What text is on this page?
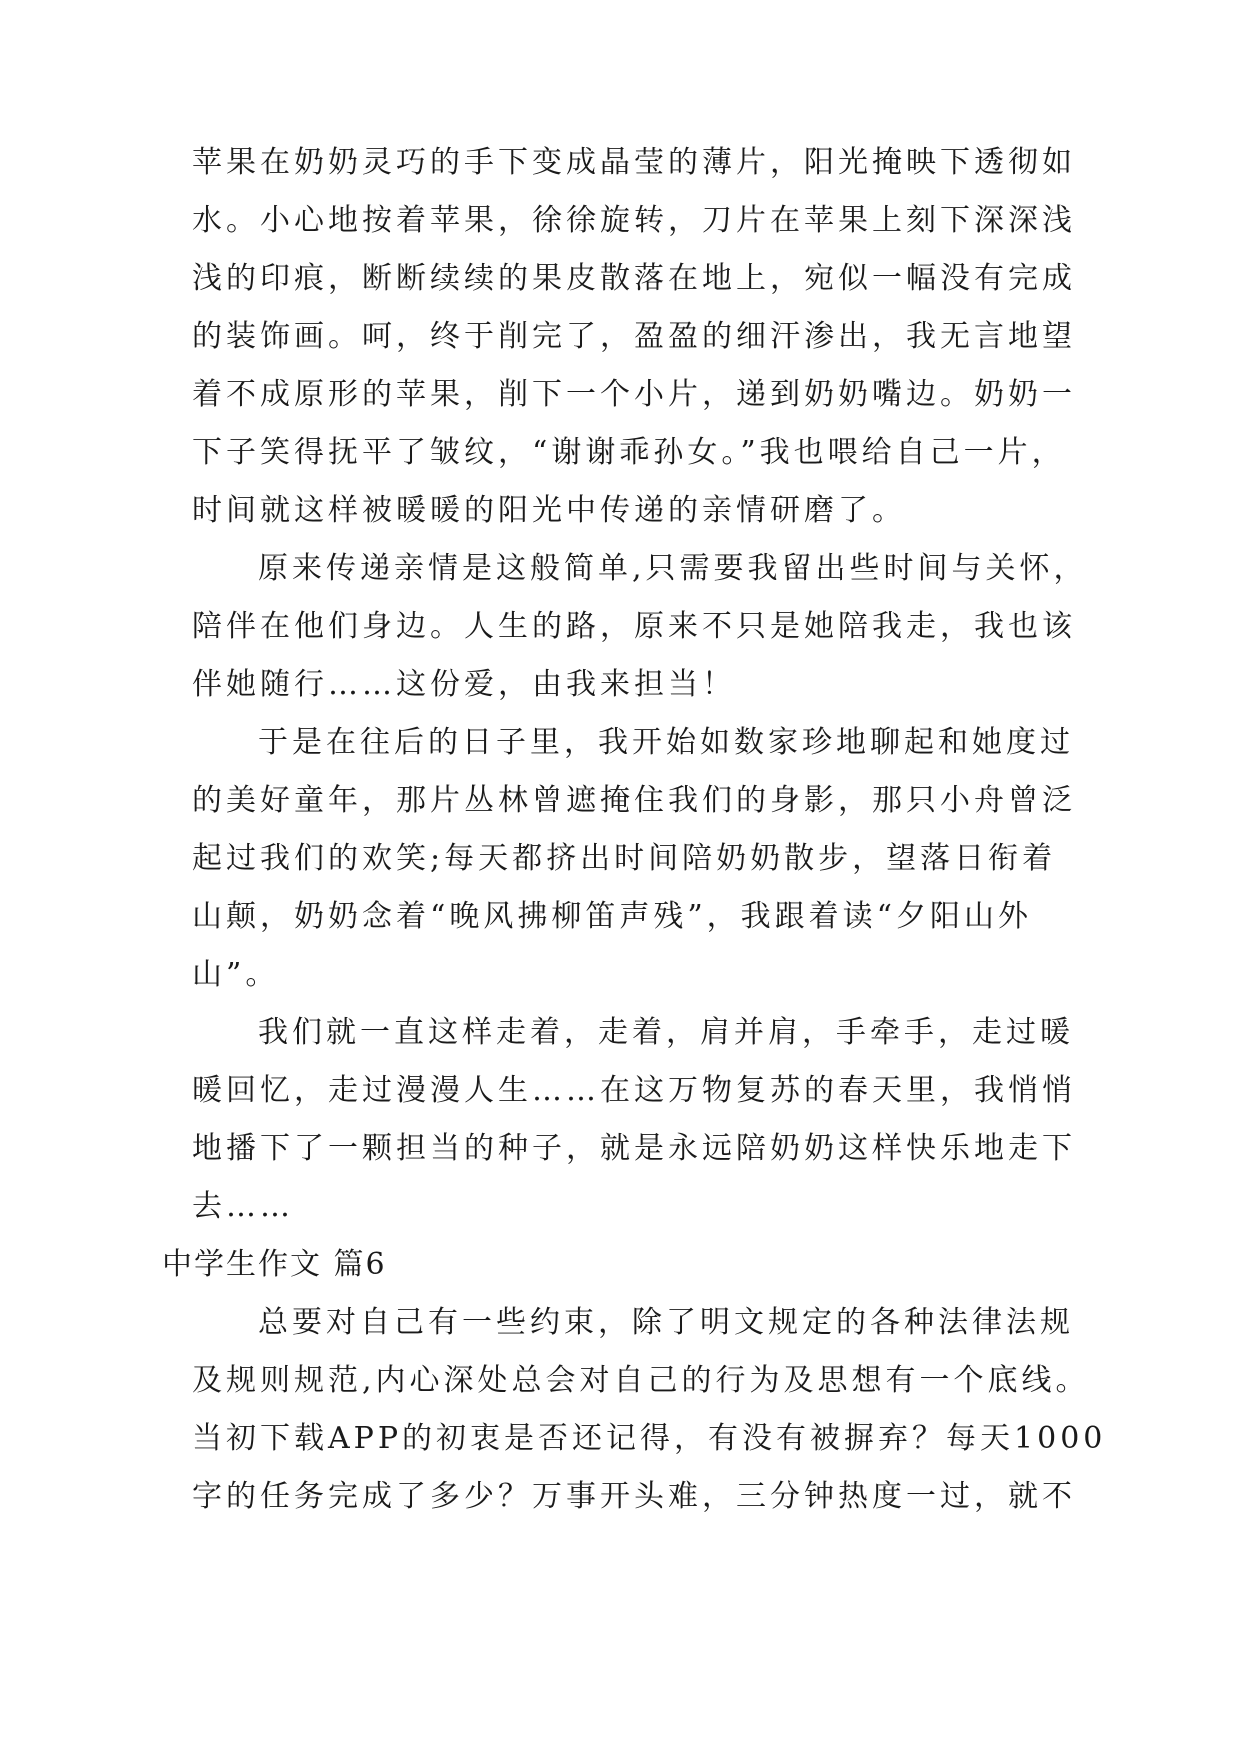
苹果在奶奶灵巧的手下变成晶莹的薄片，阳光掩映下透彻如
水。小心地按着苹果，徐徐旋转，刀片在苹果上刻下深深浅
浅的印痕，断断续续的果皮散落在地上，宛似一幅没有完成
的装饰画。呵，终于削完了，盈盈的细汗渗出，我无言地望
着不成原形的苹果，削下一个小片，递到奶奶嘴边。奶奶一
下子笑得抚平了皱纹，“谢谢乖孙女。”我也喂给自己一片，
时间就这样被暖暖的阳光中传递的亲情研磨了。
原来传递亲情是这般简单,只需要我留出些时间与关怀，
陪伴在他们身边。人生的路，原来不只是她陪我走，我也该
伴她随行……这份爱，由我来担当！
于是在往后的日子里，我开始如数家珍地聊起和她度过
的美好童年，那片丛林曾遮掩住我们的身影，那只小舟曾泛
起过我们的欢笑;每天都挤出时间陪奶奶散步，望落日衔着
山颠，奶奶念着“晚风拂柳笛声残”，我跟着读“夕阳山外
山”。
我们就一直这样走着，走着，肩并肩，手牵手，走过暖
暖回忆，走过漫漫人生……在这万物复苏的春天里，我悄悄
地播下了一颗担当的种子，就是永远陪奶奶这样快乐地走下
去……
中学生作文 篇6
总要对自己有一些约束，除了明文规定的各种法律法规
及规则规范,内心深处总会对自己的行为及思想有一个底线。
当初下载APP的初衷是否还记得，有没有被摒弃？每天1000
字的任务完成了多少？万事开头难，三分钟热度一过，就不
